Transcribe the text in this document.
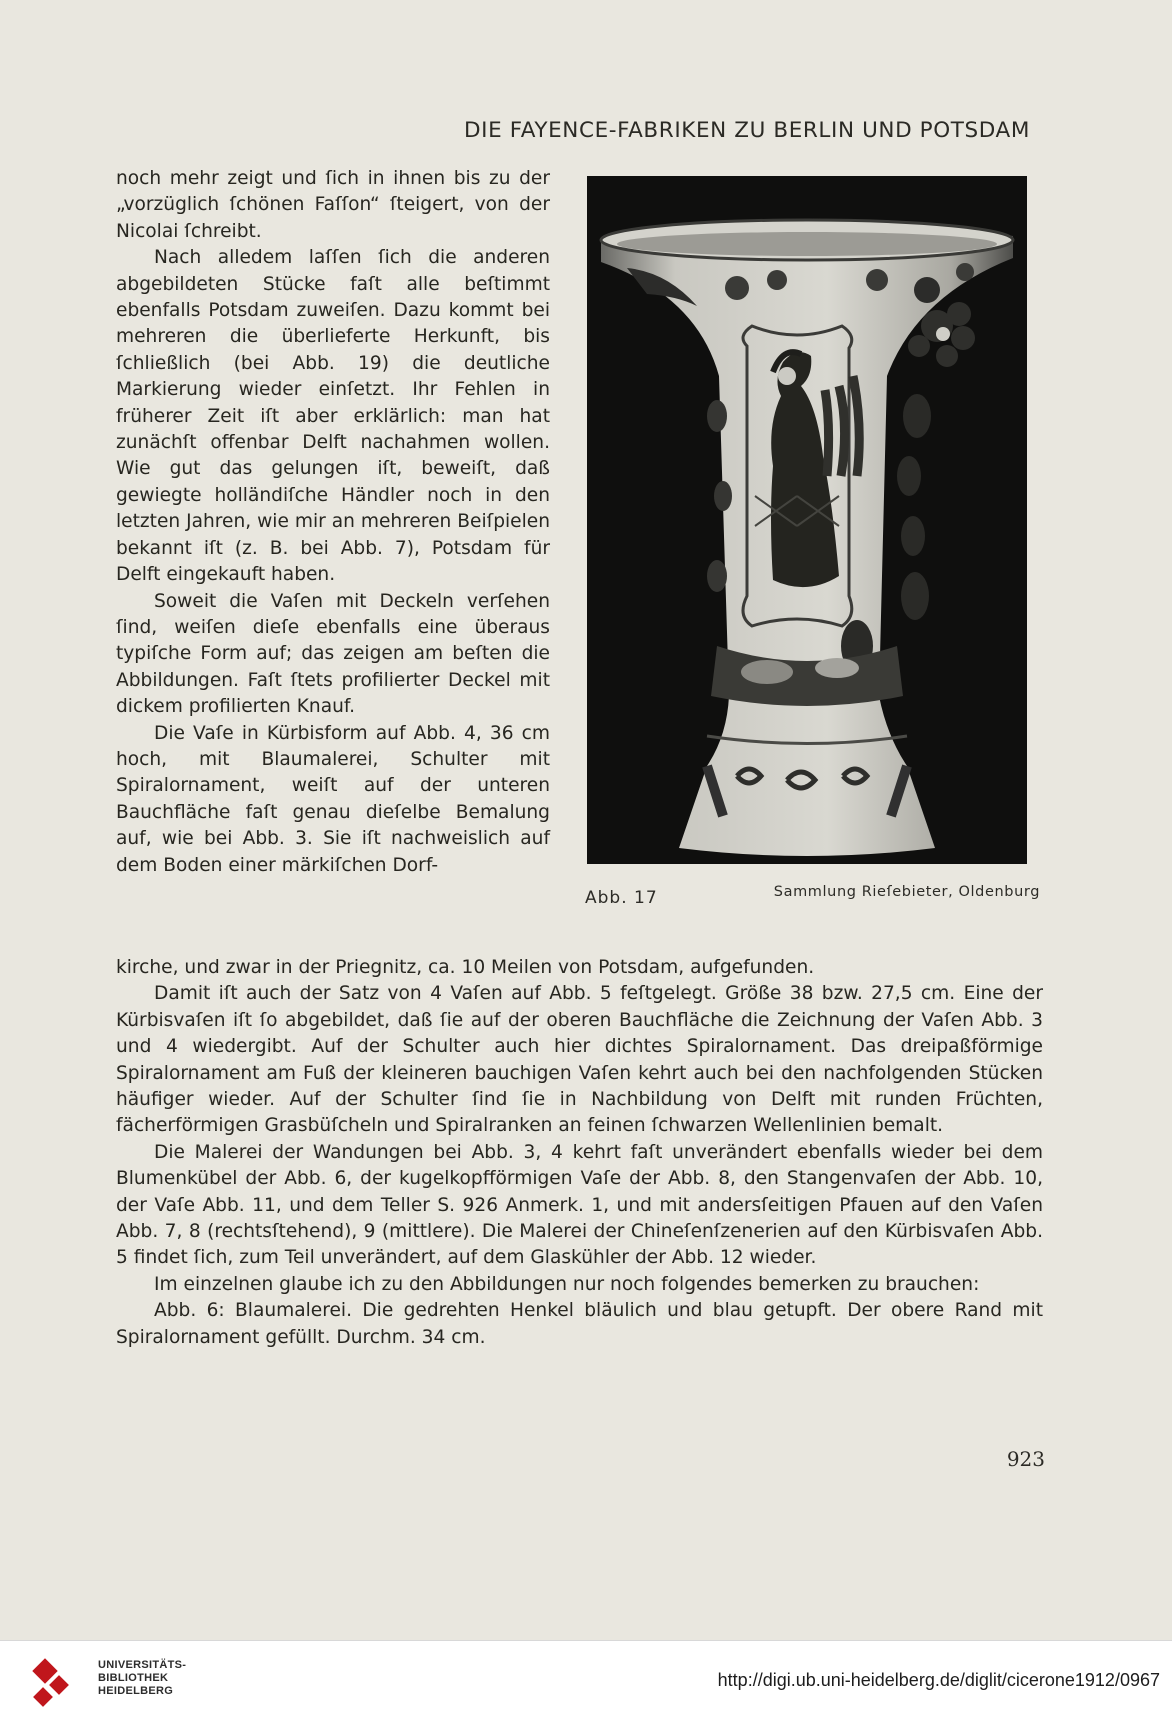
DIE FAYENCE-FABRIKEN ZU BERLIN UND POTSDAM

noch mehr zeigt und ſich in ihnen bis zu der „vorzüglich ſchönen Faſſon“ ſteigert, von der Nicolai ſchreibt.

Nach alledem laſſen ſich die anderen abgebildeten Stücke faſt alle beſtimmt ebenfalls Potsdam zuweiſen. Dazu kommt bei mehreren die überlieferte Herkunft, bis ſchließlich (bei Abb. 19) die deutliche Markierung wieder einſetzt. Ihr Fehlen in früherer Zeit iſt aber erklärlich: man hat zunächſt offenbar Delft nachahmen wollen. Wie gut das gelungen iſt, beweiſt, daß gewiegte holländiſche Händler noch in den letzten Jahren, wie mir an mehreren Beiſpielen bekannt iſt (z. B. bei Abb. 7), Potsdam für Delft eingekauft haben.

Soweit die Vaſen mit Deckeln verſehen ſind, weiſen dieſe ebenfalls eine überaus typiſche Form auf; das zeigen am beſten die Abbildungen. Faſt ſtets profilierter Deckel mit dickem profilierten Knauf.

Die Vaſe in Kürbisform auf Abb. 4, 36 cm hoch, mit Blaumalerei, Schulter mit Spiralornament, weiſt auf der unteren Bauchfläche faſt genau dieſelbe Bemalung auf, wie bei Abb. 3. Sie iſt nachweislich auf dem Boden einer märkiſchen Dorf-

Abb. 17	Sammlung Rieſebieter, Oldenburg

kirche, und zwar in der Priegnitz, ca. 10 Meilen von Potsdam, aufgefunden.

Damit iſt auch der Satz von 4 Vaſen auf Abb. 5 feſtgelegt. Größe 38 bzw. 27,5 cm. Eine der Kürbisvaſen iſt ſo abgebildet, daß ſie auf der oberen Bauchfläche die Zeichnung der Vaſen Abb. 3 und 4 wiedergibt. Auf der Schulter auch hier dichtes Spiralornament. Das dreipaßförmige Spiralornament am Fuß der kleineren bauchigen Vaſen kehrt auch bei den nachfolgenden Stücken häufiger wieder. Auf der Schulter ſind ſie in Nachbildung von Delft mit runden Früchten, fächerförmigen Grasbüſcheln und Spiralranken an feinen ſchwarzen Wellenlinien bemalt.

Die Malerei der Wandungen bei Abb. 3, 4 kehrt faſt unverändert ebenfalls wieder bei dem Blumenkübel der Abb. 6, der kugelkopfförmigen Vaſe der Abb. 8, den Stangenvaſen der Abb. 10, der Vaſe Abb. 11, und dem Teller S. 926 Anmerk. 1, und mit andersſeitigen Pfauen auf den Vaſen Abb. 7, 8 (rechtsſtehend), 9 (mittlere). Die Malerei der Chineſenſzenerien auf den Kürbisvaſen Abb. 5 findet ſich, zum Teil unverändert, auf dem Glaskühler der Abb. 12 wieder.

Im einzelnen glaube ich zu den Abbildungen nur noch folgendes bemerken zu brauchen:

Abb. 6: Blaumalerei. Die gedrehten Henkel bläulich und blau getupft. Der obere Rand mit Spiralornament gefüllt. Durchm. 34 cm.

923
UNIVERSITÄTS-
BIBLIOTHEK
HEIDELBERG
http://digi.ub.uni-heidelberg.de/diglit/cicerone1912/0967
